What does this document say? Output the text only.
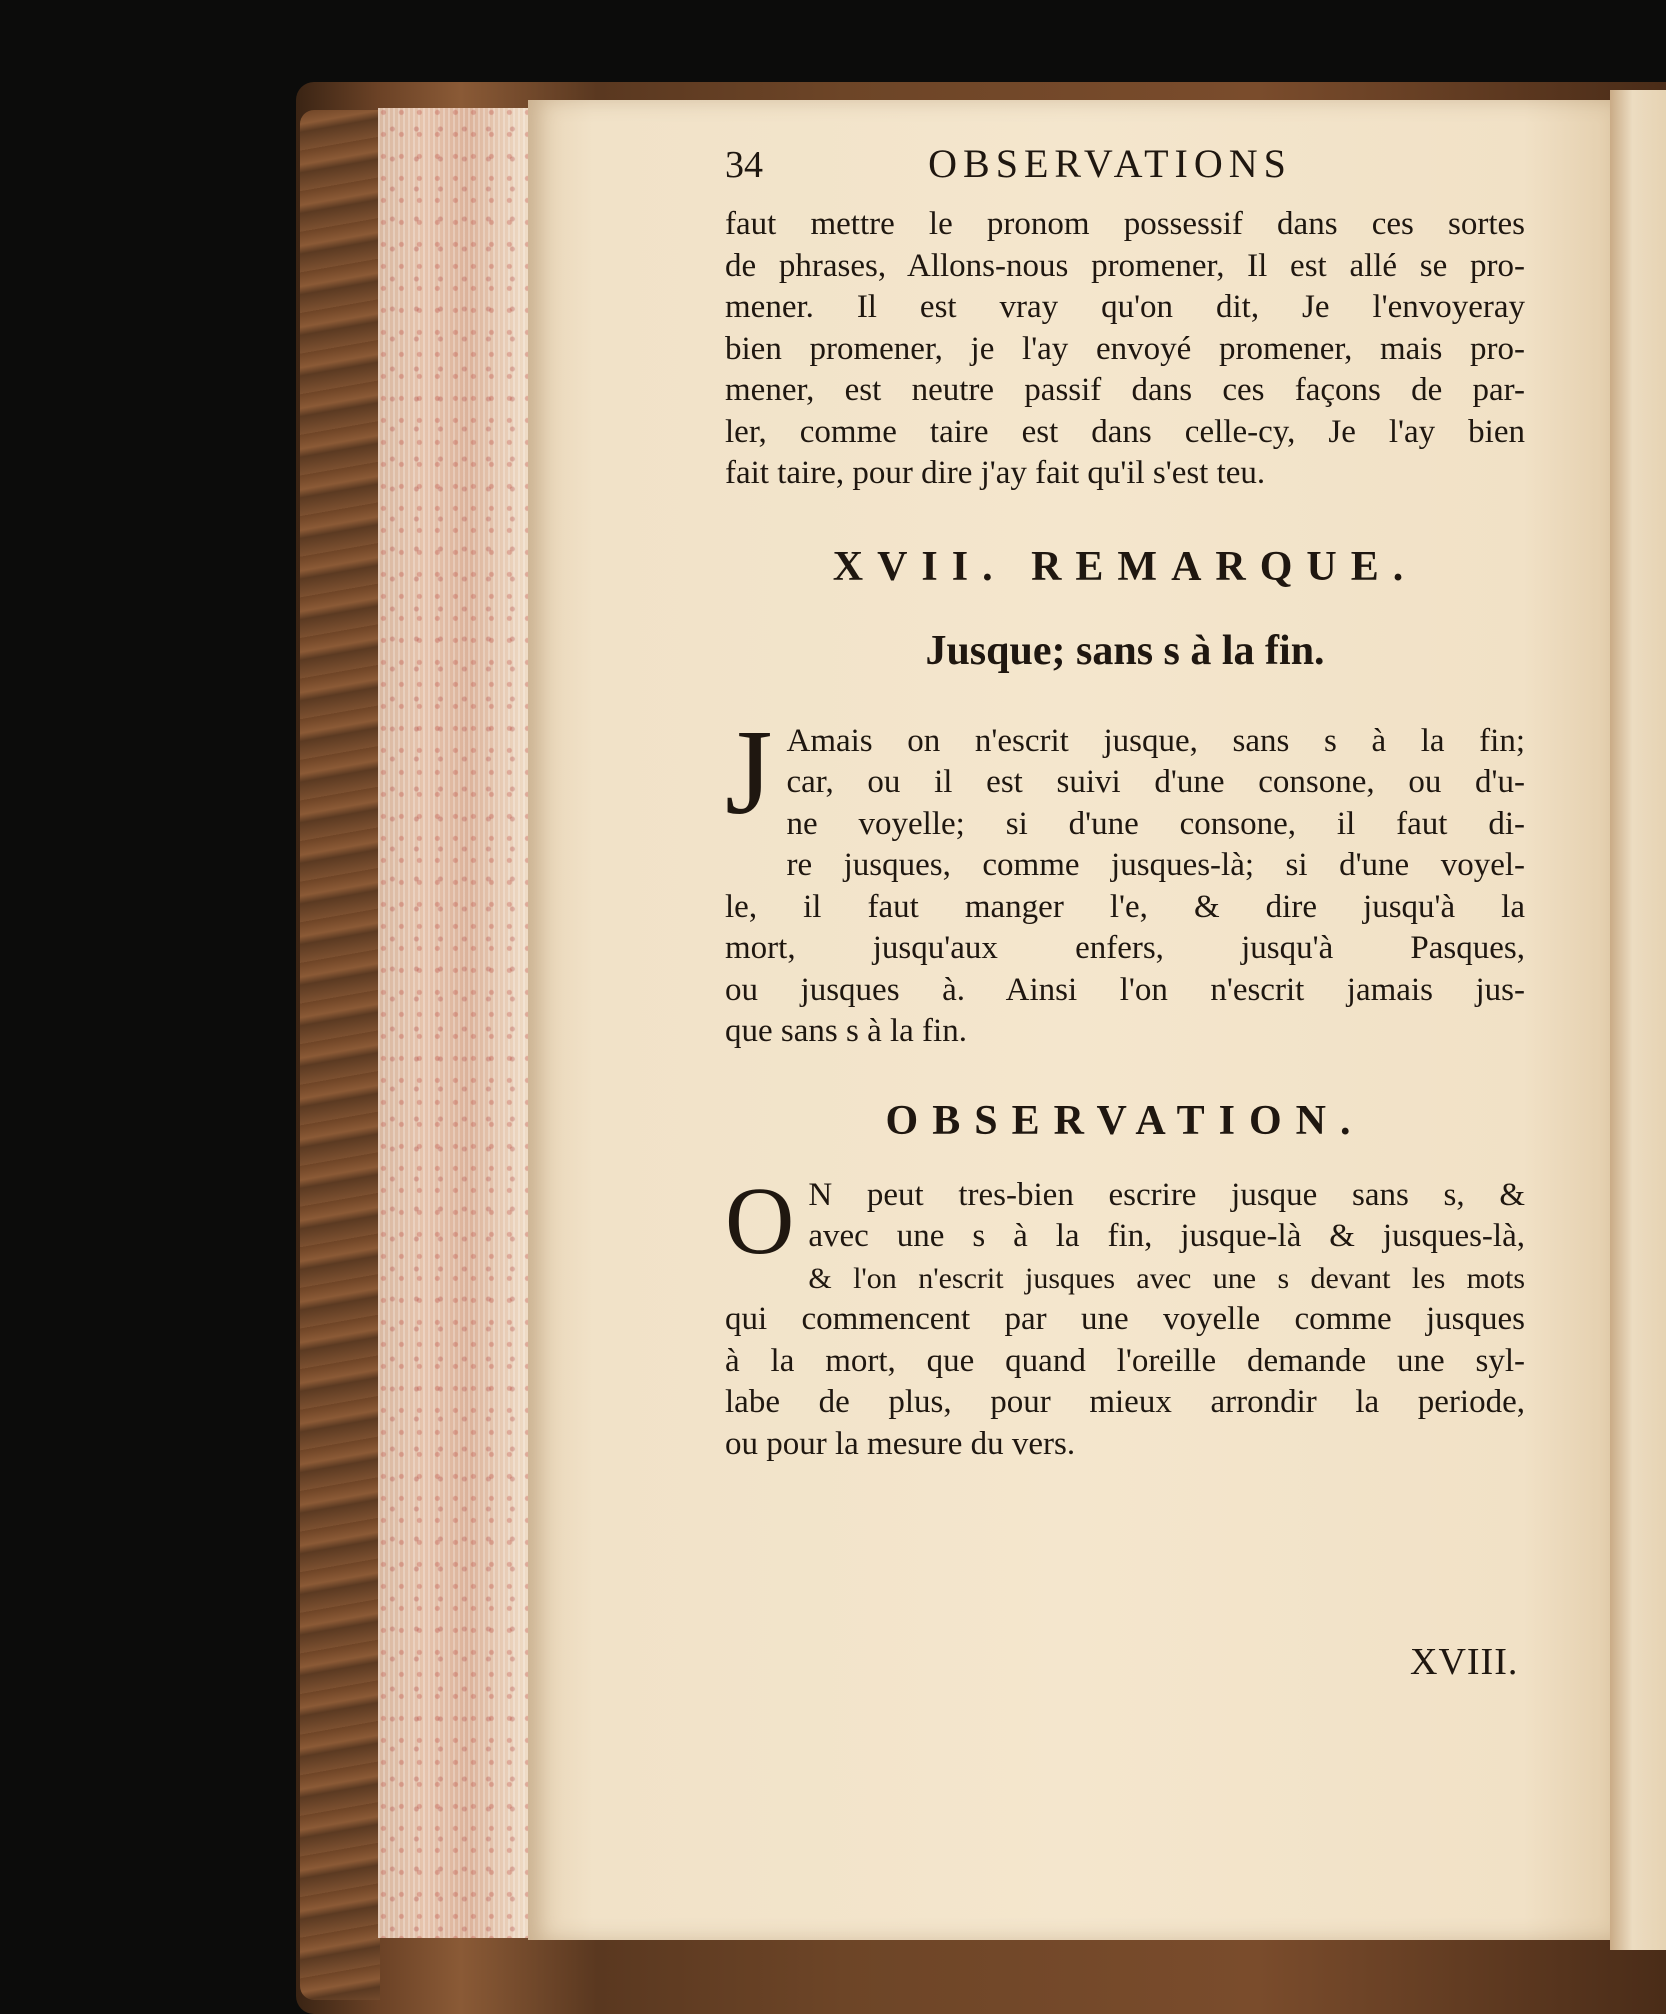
34	OBSERVATIONS
faut mettre le pronom possessif dans ces sortes
de phrases, Allons-nous promener, Il est allé se pro-
mener. Il est vray qu'on dit, Je l'envoyeray
bien promener, je l'ay envoyé promener, mais pro-
mener, est neutre passif dans ces façons de par-
ler, comme taire est dans celle-cy, Je l'ay bien
fait taire, pour dire j'ay fait qu'il s'est teu.
XVII. REMARQUE.
Jusque; sans s à la fin.
J Amais on n'escrit jusque, sans s à la fin;
car, ou il est suivi d'une consone, ou d'u-
ne voyelle; si d'une consone, il faut di-
re jusques, comme jusques-là; si d'une voyel-
le, il faut manger l'e, & dire jusqu'à la
mort, jusqu'aux enfers, jusqu'à Pasques,
ou jusques à. Ainsi l'on n'escrit jamais jus-
que sans s à la fin.
OBSERVATION.
O N peut tres-bien escrire jusque sans s, &
avec une s à la fin, jusque-là & jusques-là,
& l'on n'escrit jusques avec une s devant les mots
qui commencent par une voyelle comme jusques
à la mort, que quand l'oreille demande une syl-
labe de plus, pour mieux arrondir la periode,
ou pour la mesure du vers.
XVIII.
